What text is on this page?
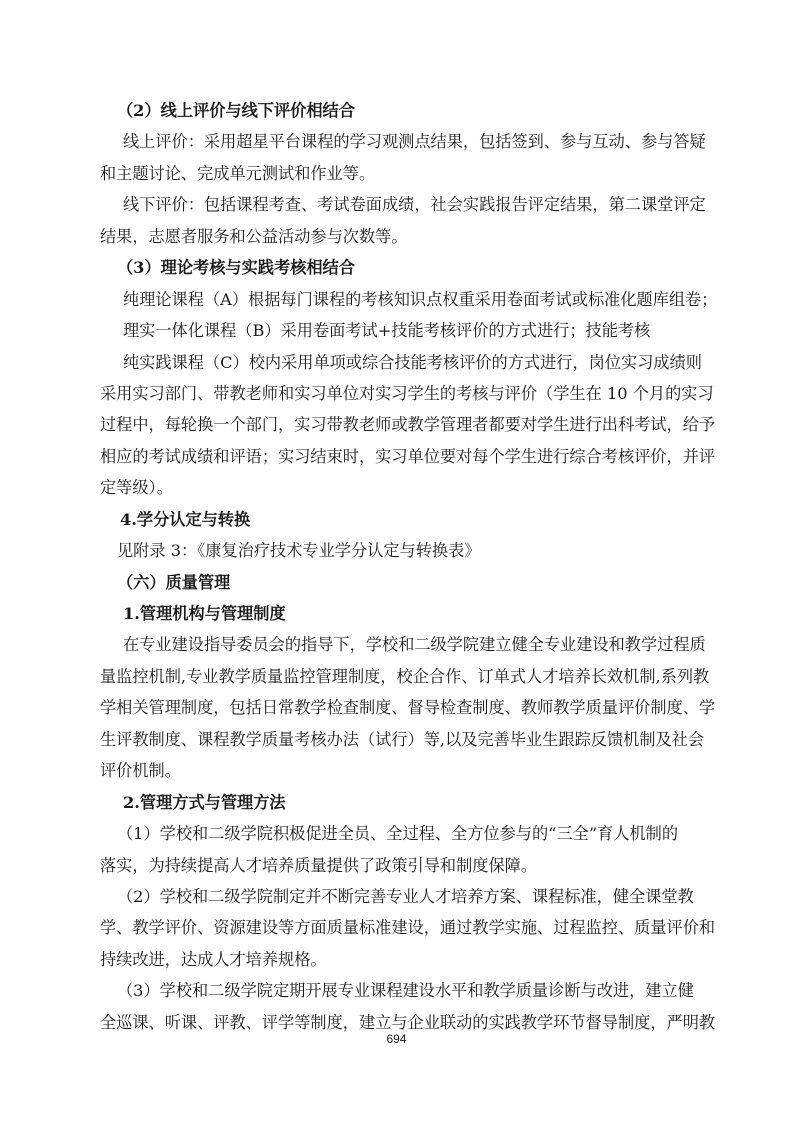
（2）线上评价与线下评价相结合
线上评价：采用超星平台课程的学习观测点结果，包括签到、参与互动、参与答疑
和主题讨论、完成单元测试和作业等。
线下评价：包括课程考查、考试卷面成绩，社会实践报告评定结果，第二课堂评定
结果，志愿者服务和公益活动参与次数等。
（3）理论考核与实践考核相结合
纯理论课程（A）根据每门课程的考核知识点权重采用卷面考试或标准化题库组卷；
理实一体化课程（B）采用卷面考试+技能考核评价的方式进行；技能考核
纯实践课程（C）校内采用单项或综合技能考核评价的方式进行，岗位实习成绩则
采用实习部门、带教老师和实习单位对实习学生的考核与评价（学生在 10 个月的实习
过程中，每轮换一个部门，实习带教老师或教学管理者都要对学生进行出科考试，给予
相应的考试成绩和评语；实习结束时，实习单位要对每个学生进行综合考核评价，并评
定等级）。
4.学分认定与转换
见附录 3：《康复治疗技术专业学分认定与转换表》
（六）质量管理
1.管理机构与管理制度
在专业建设指导委员会的指导下，学校和二级学院建立健全专业建设和教学过程质
量监控机制,专业教学质量监控管理制度，校企合作、订单式人才培养长效机制,系列教
学相关管理制度，包括日常教学检查制度、督导检查制度、教师教学质量评价制度、学
生评教制度、课程教学质量考核办法（试行）等,以及完善毕业生跟踪反馈机制及社会
评价机制。
2.管理方式与管理方法
（1）学校和二级学院积极促进全员、全过程、全方位参与的“三全”育人机制的
落实，为持续提高人才培养质量提供了政策引导和制度保障。
（2）学校和二级学院制定并不断完善专业人才培养方案、课程标准，健全课堂教
学、教学评价、资源建设等方面质量标准建设，通过教学实施、过程监控、质量评价和
持续改进，达成人才培养规格。
（3）学校和二级学院定期开展专业课程建设水平和教学质量诊断与改进，建立健
全巡课、听课、评教、评学等制度，建立与企业联动的实践教学环节督导制度，严明教
694
